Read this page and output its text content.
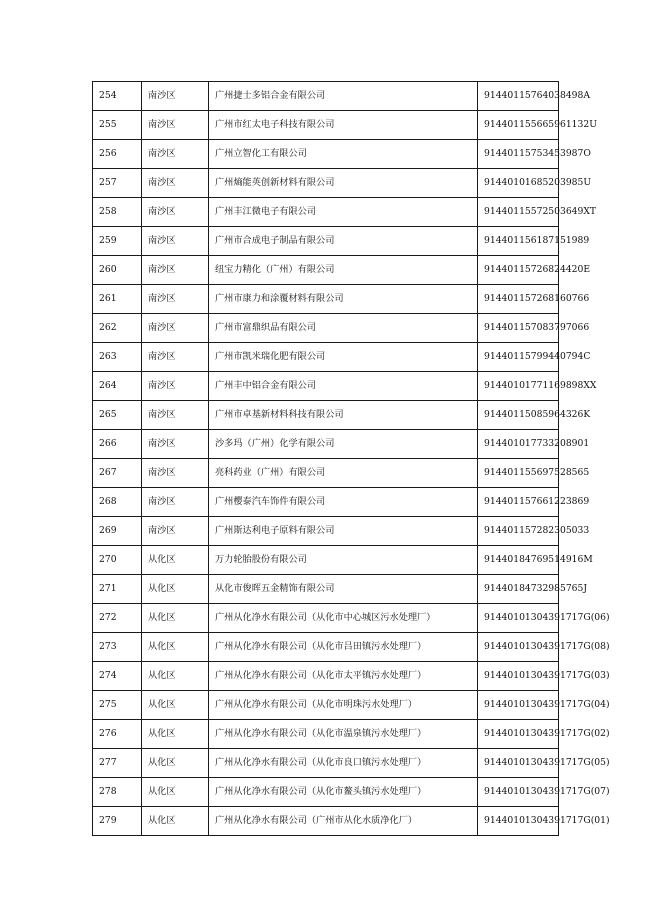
254	南沙区	广州捷士多铝合金有限公司	91440115764038498A
255	南沙区	广州市红太电子科技有限公司	914401155665961132U
256	南沙区	广州立智化工有限公司	91440115753453987O
257	南沙区	广州熵能英创新材料有限公司	91440101685203985U
258	南沙区	广州丰江微电子有限公司	91440115572503649XT
259	南沙区	广州市合成电子制品有限公司	914401156187151989
260	南沙区	纽宝力精化（广州）有限公司	91440115726824420E
261	南沙区	广州市康力和涂覆材料有限公司	914401157268160766
262	南沙区	广州市富鼎织品有限公司	914401157083797066
263	南沙区	广州市凯米瑞化肥有限公司	91440115799440794C
264	南沙区	广州丰中铝合金有限公司	91440101771169898XX
265	南沙区	广州市卓基新材料科技有限公司	91440115085964326K
266	南沙区	沙多玛（广州）化学有限公司	914401017733208901
267	南沙区	亮科药业（广州）有限公司	914401155697528565
268	南沙区	广州樱泰汽车饰件有限公司	914401157661223869
269	南沙区	广州斯达利电子原料有限公司	914401157282305033
270	从化区	万力轮胎股份有限公司	91440184769514916M
271	从化区	从化市俊晖五金精饰有限公司	91440184732985765J
272	从化区	广州从化净水有限公司（从化市中心城区污水处理厂）	91440101304391717G(06)
273	从化区	广州从化净水有限公司（从化市吕田镇污水处理厂）	91440101304391717G(08)
274	从化区	广州从化净水有限公司（从化市太平镇污水处理厂）	91440101304391717G(03)
275	从化区	广州从化净水有限公司（从化市明珠污水处理厂）	91440101304391717G(04)
276	从化区	广州从化净水有限公司（从化市温泉镇污水处理厂）	91440101304391717G(02)
277	从化区	广州从化净水有限公司（从化市良口镇污水处理厂）	91440101304391717G(05)
278	从化区	广州从化净水有限公司（从化市鳌头镇污水处理厂）	91440101304391717G(07)
279	从化区	广州从化净水有限公司（广州市从化水质净化厂）	91440101304391717G(01)
